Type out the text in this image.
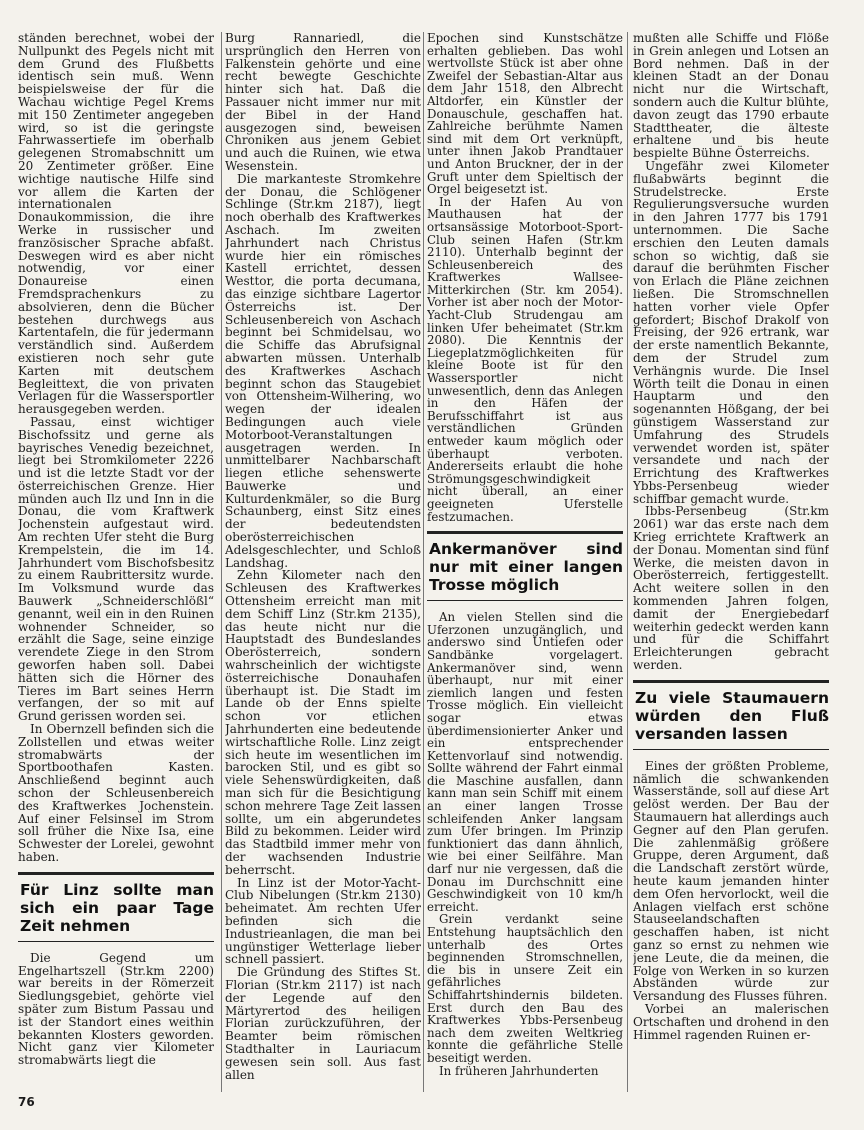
ständen berechnet, wobei der Nullpunkt des Pegels nicht mit dem Grund des Flußbetts identisch sein muß. Wenn beispielsweise der für die Wachau wichtige Pegel Krems mit 150 Zentimeter angegeben wird, so ist die geringste Fahrwassertiefe im oberhalb gelegenen Stromabschnitt um 20 Zentimeter größer. Eine wichtige nautische Hilfe sind vor allem die Karten der internationalen Donaukommission, die ihre Werke in russischer und französischer Sprache abfaßt. Deswegen wird es aber nicht notwendig, vor einer Donaureise einen Fremdsprachenkurs zu absolvieren, denn die Bücher bestehen durchwegs aus Kartentafeln, die für jedermann verständlich sind. Außerdem existieren noch sehr gute Karten mit deutschem Begleittext, die von privaten Verlagen für die Wassersportler herausgegeben werden.

Passau, einst wichtiger Bischofssitz und gerne als bayrisches Venedig bezeichnet, liegt bei Stromkilometer 2226 und ist die letzte Stadt vor der österreichischen Grenze. Hier münden auch Ilz und Inn in die Donau, die vom Kraftwerk Jochenstein aufgestaut wird. Am rechten Ufer steht die Burg Krempelstein, die im 14. Jahrhundert vom Bischofsbesitz zu einem Raubrittersitz wurde. Im Volksmund wurde das Bauwerk „Schneiderschlößl“ genannt, weil ein in den Ruinen wohnender Schneider, so erzählt die Sage, seine einzige verendete Ziege in den Strom geworfen haben soll. Dabei hätten sich die Hörner des Tieres im Bart seines Herrn verfangen, der so mit auf Grund gerissen worden sei.

In Obernzell befinden sich die Zollstellen und etwas weiter stromabwärts der Sportboothafen Kasten. Anschließend beginnt auch schon der Schleusenbereich des Kraftwerkes Jochenstein. Auf einer Felsinsel im Strom soll früher die Nixe Isa, eine Schwester der Lorelei, gewohnt haben.

Für Linz sollte man sich ein paar Tage Zeit nehmen

Die Gegend um Engelhartszell (Str.km 2200) war bereits in der Römerzeit Siedlungsgebiet, gehörte viel später zum Bistum Passau und ist der Standort eines weithin bekannten Klosters geworden. Nicht ganz vier Kilometer stromabwärts liegt die

Burg Rannariedl, die ursprünglich den Herren von Falkenstein gehörte und eine recht bewegte Geschichte hinter sich hat. Daß die Passauer nicht immer nur mit der Bibel in der Hand ausgezogen sind, beweisen Chroniken aus jenem Gebiet und auch die Ruinen, wie etwa Wesenstein.

Die markanteste Stromkehre der Donau, die Schlögener Schlinge (Str.km 2187), liegt noch oberhalb des Kraftwerkes Aschach. Im zweiten Jahrhundert nach Christus wurde hier ein römisches Kastell errichtet, dessen Westtor, die porta decumana, das einzige sichtbare Lagertor Österreichs ist. Der Schleusenbereich von Aschach beginnt bei Schmidelsau, wo die Schiffe das Abrufsignal abwarten müssen. Unterhalb des Kraftwerkes Aschach beginnt schon das Staugebiet von Ottensheim-Wilhering, wo wegen der idealen Bedingungen auch viele Motorboot-Veranstaltungen ausgetragen werden. In unmittelbarer Nachbarschaft liegen etliche sehenswerte Bauwerke und Kulturdenkmäler, so die Burg Schaunberg, einst Sitz eines der bedeutendsten oberösterreichischen Adelsgeschlechter, und Schloß Landshag.

Zehn Kilometer nach den Schleusen des Kraftwerkes Ottensheim erreicht man mit dem Schiff Linz (Str.km 2135), das heute nicht nur die Hauptstadt des Bundeslandes Oberösterreich, sondern wahrscheinlich der wichtigste österreichische Donauhafen überhaupt ist. Die Stadt im Lande ob der Enns spielte schon vor etlichen Jahrhunderten eine bedeutende wirtschaftliche Rolle. Linz zeigt sich heute im wesentlichen im barocken Stil, und es gibt so viele Sehenswürdigkeiten, daß man sich für die Besichtigung schon mehrere Tage Zeit lassen sollte, um ein abgerundetes Bild zu bekommen. Leider wird das Stadtbild immer mehr von der wachsenden Industrie beherrscht.

In Linz ist der Motor-Yacht-Club Nibelungen (Str.km 2130) beheimatet. Am rechten Ufer befinden sich die Industrieanlagen, die man bei ungünstiger Wetterlage lieber schnell passiert.

Die Gründung des Stiftes St. Florian (Str.km 2117) ist nach der Legende auf den Märtyrertod des heiligen Florian zurückzuführen, der Beamter beim römischen Stadthalter in Lauriacum gewesen sein soll. Aus fast allen

Epochen sind Kunstschätze erhalten geblieben. Das wohl wertvollste Stück ist aber ohne Zweifel der Sebastian-Altar aus dem Jahr 1518, den Albrecht Altdorfer, ein Künstler der Donauschule, geschaffen hat. Zahlreiche berühmte Namen sind mit dem Ort verknüpft, unter ihnen Jakob Prandtauer und Anton Bruckner, der in der Gruft unter dem Spieltisch der Orgel beigesetzt ist.

In der Hafen Au von Mauthausen hat der ortsansässige Motorboot-Sport-Club seinen Hafen (Str.km 2110). Unterhalb beginnt der Schleusenbereich des Kraftwerkes Wallsee-Mitterkirchen (Str. km 2054). Vorher ist aber noch der Motor-Yacht-Club Strudengau am linken Ufer beheimatet (Str.km 2080). Die Kenntnis der Liegeplatzmöglichkeiten für kleine Boote ist für den Wassersportler nicht unwesentlich, denn das Anlegen in den Häfen der Berufsschiffahrt ist aus verständlichen Gründen entweder kaum möglich oder überhaupt verboten. Andererseits erlaubt die hohe Strömungsgeschwindigkeit nicht überall, an einer geeigneten Uferstelle festzumachen.

Ankermanöver sind nur mit einer langen Trosse möglich

An vielen Stellen sind die Uferzonen unzugänglich, und anderswo sind Untiefen oder Sandbänke vorgelagert. Ankermanöver sind, wenn überhaupt, nur mit einer ziemlich langen und festen Trosse möglich. Ein vielleicht sogar etwas überdimensionierter Anker und ein entsprechender Kettenvorlauf sind notwendig. Sollte während der Fahrt einmal die Maschine ausfallen, dann kann man sein Schiff mit einem an einer langen Trosse schleifenden Anker langsam zum Ufer bringen. Im Prinzip funktioniert das dann ähnlich, wie bei einer Seilfähre. Man darf nur nie vergessen, daß die Donau im Durchschnitt eine Geschwindigkeit von 10 km/h erreicht.

Grein verdankt seine Entstehung hauptsächlich den unterhalb des Ortes beginnenden Stromschnellen, die bis in unsere Zeit ein gefährliches Schiffahrtshindernis bildeten. Erst durch den Bau des Kraftwerkes Ybbs-Persenbeug nach dem zweiten Weltkrieg konnte die gefährliche Stelle beseitigt werden.

In früheren Jahrhunderten

mußten alle Schiffe und Flöße in Grein anlegen und Lotsen an Bord nehmen. Daß in der kleinen Stadt an der Donau nicht nur die Wirtschaft, sondern auch die Kultur blühte, davon zeugt das 1790 erbaute Stadttheater, die älteste erhaltene und bis heute bespielte Bühne Österreichs.

Ungefähr zwei Kilometer flußabwärts beginnt die Strudelstrecke. Erste Regulierungsversuche wurden in den Jahren 1777 bis 1791 unternommen. Die Sache erschien den Leuten damals schon so wichtig, daß sie darauf die berühmten Fischer von Erlach die Pläne zeichnen ließen. Die Stromschnellen hatten vorher viele Opfer gefordert; Bischof Drakolf von Freising, der 926 ertrank, war der erste namentlich Bekannte, dem der Strudel zum Verhängnis wurde. Die Insel Wörth teilt die Donau in einen Hauptarm und den sogenannten Hößgang, der bei günstigem Wasserstand zur Umfahrung des Strudels verwendet worden ist, später versandete und nach der Errichtung des Kraftwerkes Ybbs-Persenbeug wieder schiffbar gemacht wurde.

Ibbs-Persenbeug (Str.km 2061) war das erste nach dem Krieg errichtete Kraftwerk an der Donau. Momentan sind fünf Werke, die meisten davon in Oberösterreich, fertiggestellt. Acht weitere sollen in den kommenden Jahren folgen, damit der Energiebedarf weiterhin gedeckt werden kann und für die Schiffahrt Erleichterungen gebracht werden.

Zu viele Staumauern würden den Fluß versanden lassen

Eines der größten Probleme, nämlich die schwankenden Wasserstände, soll auf diese Art gelöst werden. Der Bau der Staumauern hat allerdings auch Gegner auf den Plan gerufen. Die zahlenmäßig größere Gruppe, deren Argument, daß die Landschaft zerstört würde, heute kaum jemanden hinter dem Ofen hervorlockt, weil die Anlagen vielfach erst schöne Stauseelandschaften geschaffen haben, ist nicht ganz so ernst zu nehmen wie jene Leute, die da meinen, die Folge von Werken in so kurzen Abständen würde zur Versandung des Flusses führen.

Vorbei an malerischen Ortschaften und drohend in den Himmel ragenden Ruinen er-

76
